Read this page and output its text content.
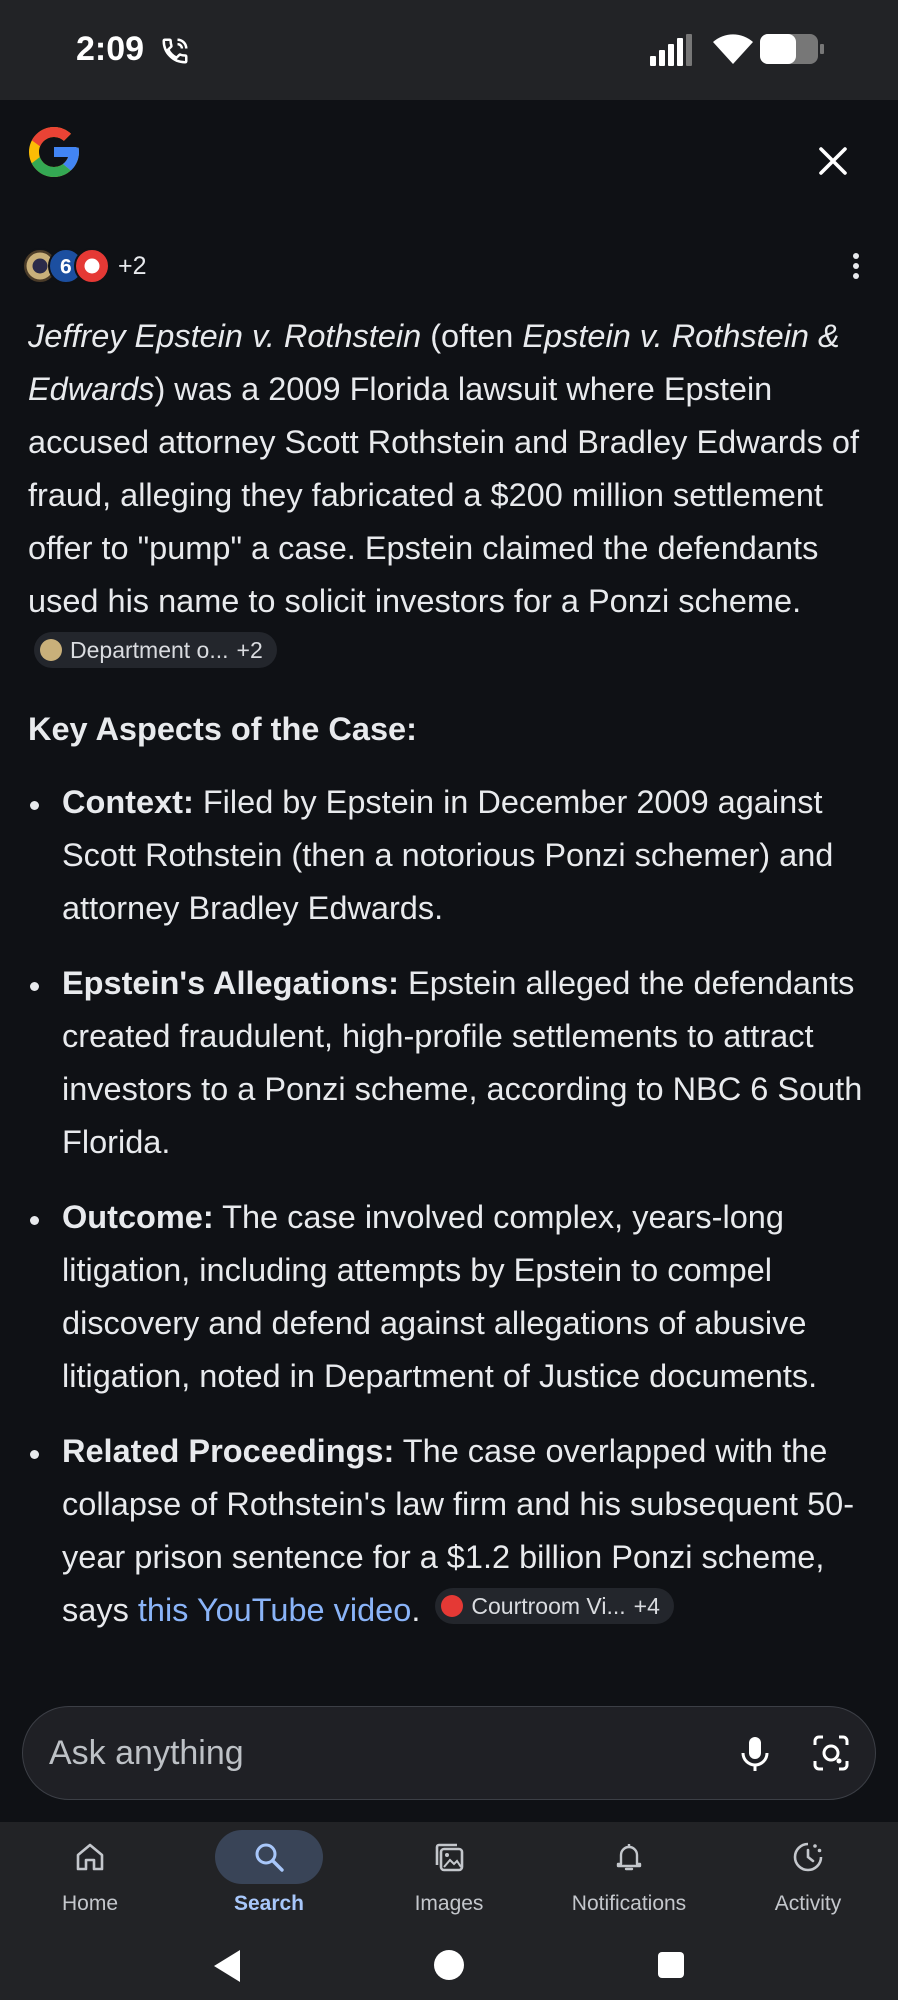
2:09
6 +2

Jeffrey Epstein v. Rothstein (often Epstein v. Rothstein & Edwards) was a 2009 Florida lawsuit where Epstein accused attorney Scott Rothstein and Bradley Edwards of fraud, alleging they fabricated a $200 million settlement offer to "pump" a case. Epstein claimed the defendants used his name to solicit investors for a Ponzi scheme.
Department o... +2

Key Aspects of the Case:

Context: Filed by Epstein in December 2009 against Scott Rothstein (then a notorious Ponzi schemer) and attorney Bradley Edwards.
Epstein's Allegations: Epstein alleged the defendants created fraudulent, high-profile settlements to attract investors to a Ponzi scheme, according to NBC 6 South Florida.
Outcome: The case involved complex, years-long litigation, including attempts by Epstein to compel discovery and defend against allegations of abusive litigation, noted in Department of Justice documents.
Related Proceedings: The case overlapped with the collapse of Rothstein's law firm and his subsequent 50-year prison sentence for a $1.2 billion Ponzi scheme, says this YouTube video. Courtroom Vi... +4
Ask anything
Home	Search	Images	Notifications	Activity
